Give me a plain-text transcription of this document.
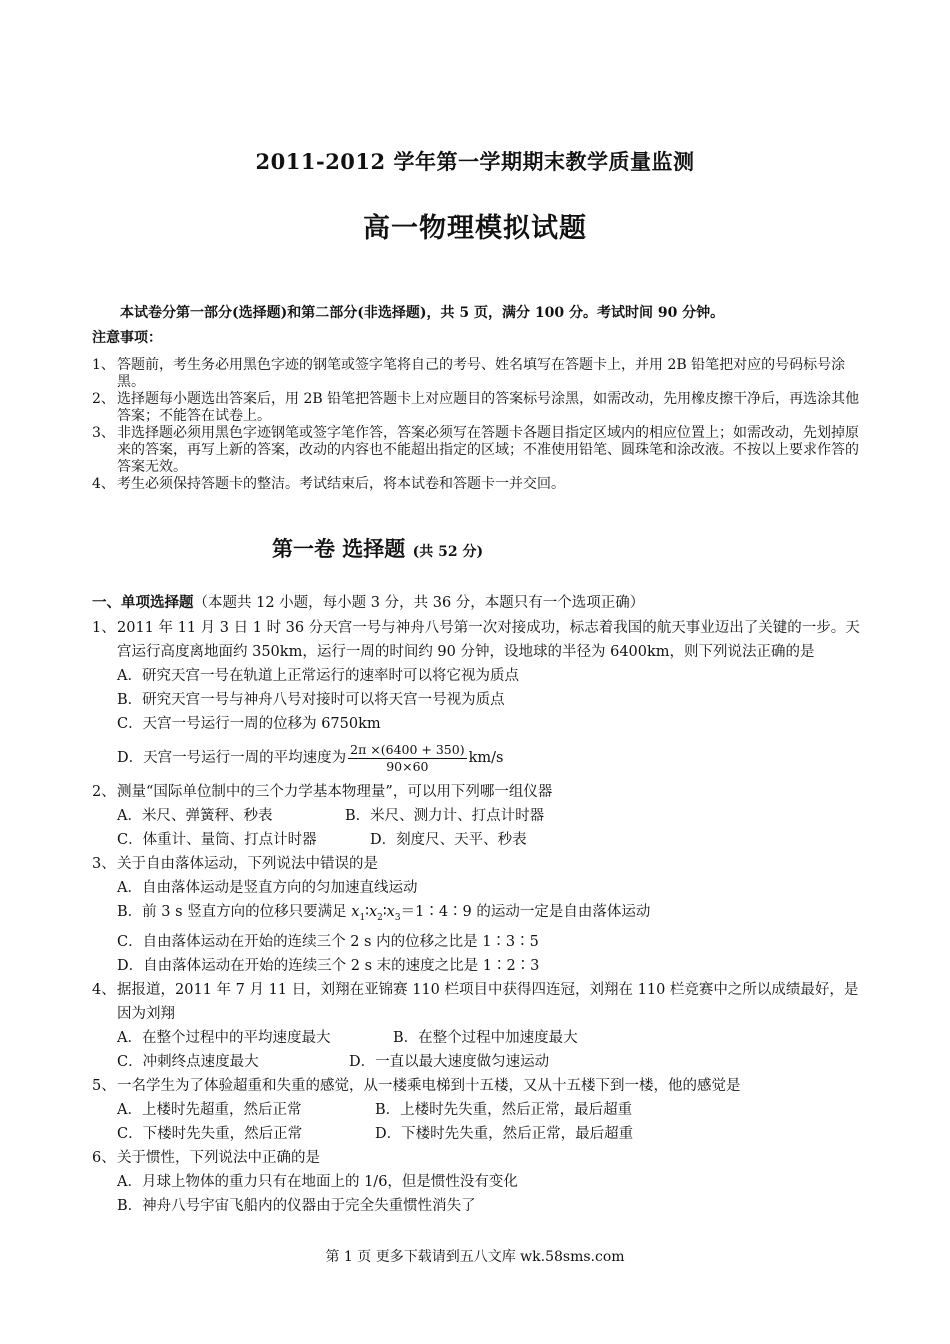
2011-2012 学年第一学期期末教学质量监测
高一物理模拟试题
本试卷分第一部分(选择题)和第二部分(非选择题)，共 5 页，满分 100 分。考试时间 90 分钟。
注意事项：
1、 答题前，考生务必用黑色字迹的钢笔或签字笔将自己的考号、姓名填写在答题卡上，并用 2B 铅笔把对应的号码标号涂黑。
2、 选择题每小题选出答案后，用 2B 铅笔把答题卡上对应题目的答案标号涂黑，如需改动，先用橡皮擦干净后，再选涂其他答案；不能答在试卷上。
3、 非选择题必须用黑色字迹钢笔或签字笔作答，答案必须写在答题卡各题目指定区域内的相应位置上；如需改动，先划掉原来的答案，再写上新的答案，改动的内容也不能超出指定的区域；不准使用铅笔、圆珠笔和涂改液。不按以上要求作答的答案无效。
4、 考生必须保持答题卡的整洁。考试结束后，将本试卷和答题卡一并交回。
第一卷 选择题 (共 52 分)
一、单项选择题（本题共 12 小题，每小题 3 分，共 36 分，本题只有一个选项正确）
1、 2011 年 11 月 3 日 1 时 36 分天宫一号与神舟八号第一次对接成功，标志着我国的航天事业迈出了关键的一步。天宫运行高度离地面约 350km，运行一周的时间约 90 分钟，设地球的半径为 6400km，则下列说法正确的是
A．研究天宫一号在轨道上正常运行的速率时可以将它视为质点
B．研究天宫一号与神舟八号对接时可以将天宫一号视为质点
C．天宫一号运行一周的位移为 6750km
D．天宫一号运行一周的平均速度为 $\frac{2\pi \times(6400 + 350)}{90\times 60} km/s$
2、 测量“国际单位制中的三个力学基本物理量”，可以用下列哪一组仪器
A．米尺、弹簧秤、秒表	B．米尺、测力计、打点计时器
C．体重计、量筒、打点计时器	D．刻度尺、天平、秒表
3、 关于自由落体运动，下列说法中错误的是
A．自由落体运动是竖直方向的匀加速直线运动
B．前 3 s 竖直方向的位移只要满足 $x_1∶x_2∶x_3=1∶4∶9$ 的运动一定是自由落体运动
C．自由落体运动在开始的连续三个 2 s 内的位移之比是 1∶3∶5
D．自由落体运动在开始的连续三个 2 s 末的速度之比是 1∶2∶3
4、 据报道，2011 年 7 月 11 日，刘翔在亚锦赛 110 栏项目中获得四连冠，刘翔在 110 栏竞赛中之所以成绩最好，是因为刘翔
A．在整个过程中的平均速度最大	B．在整个过程中加速度最大
C．冲刺终点速度最大	D．一直以最大速度做匀速运动
5、 一名学生为了体验超重和失重的感觉，从一楼乘电梯到十五楼，又从十五楼下到一楼，他的感觉是
A．上楼时先超重，然后正常	B．上楼时先失重，然后正常，最后超重
C．下楼时先失重，然后正常	D．下楼时先失重，然后正常，最后超重
6、 关于惯性，下列说法中正确的是
A．月球上物体的重力只有在地面上的 1/6，但是惯性没有变化
B．神舟八号宇宙飞船内的仪器由于完全失重惯性消失了
第 1 页 更多下载请到五八文库 wk.58sms.com
